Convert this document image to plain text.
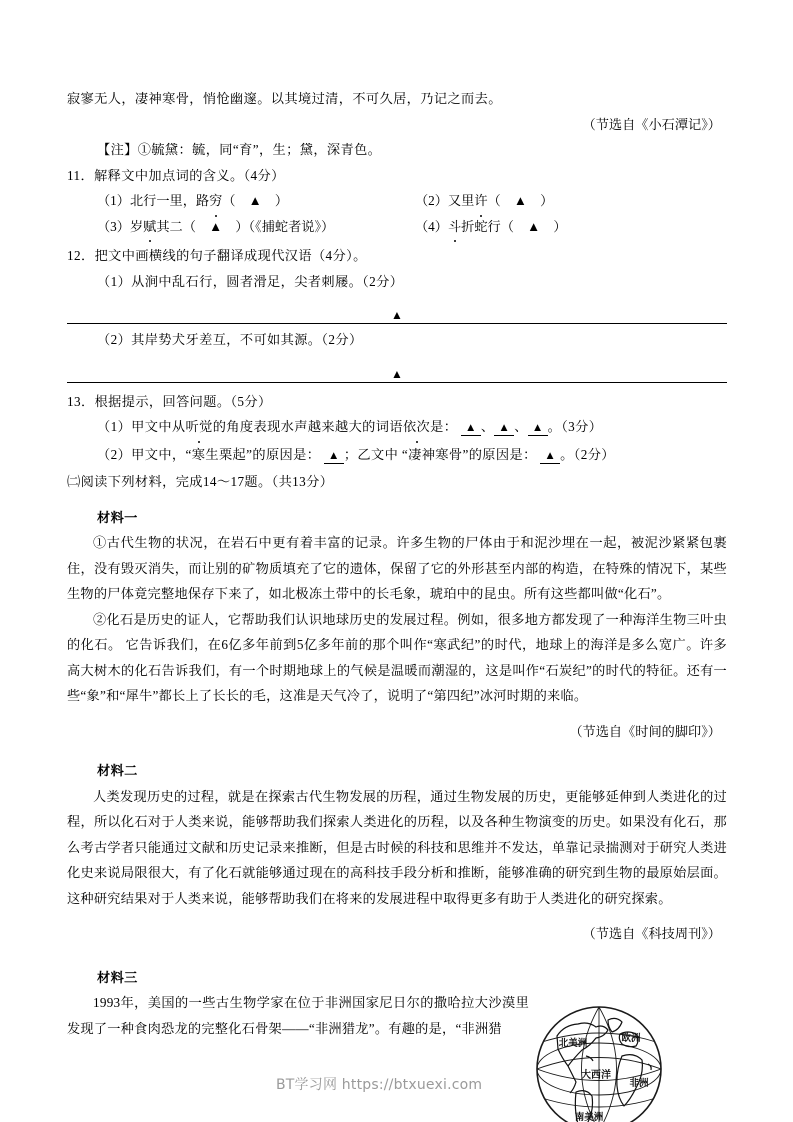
寂寥无人，凄神寒骨，悄怆幽邃。以其境过清，不可久居，乃记之而去。
（节选自《小石潭记》）
【注】①毓黛：毓，同“育”，生；黛，深青色。
11．解释文中加点词的含义。（4分）
（1）北行一里，路穷（　▲　）	（2）又里许（　▲　）
（3）岁赋其二（　▲　）（《捕蛇者说》）	（4）斗折蛇行（　▲　）
12．把文中画横线的句子翻译成现代汉语（4分）。
（1）从涧中乱石行，圆者滑足，尖者刺屦。（2分）
▲
（2）其岸势犬牙差互，不可如其源。（2分）
▲
13．根据提示，回答问题。（5分）
（1）甲文中从听觉的角度表现水声越来越大的词语依次是： ▲ 、 ▲ 、 ▲ 。（3分）
（2）甲文中，“寒生栗起”的原因是： ▲ ；乙文中 “凄神寒骨”的原因是： ▲ 。（2分）
㈡阅读下列材料，完成14～17题。（共13分）
材料一
①古代生物的状况，在岩石中更有着丰富的记录。许多生物的尸体由于和泥沙埋在一起，被泥沙紧紧包裹住，没有毁灭消失，而让别的矿物质填充了它的遗体，保留了它的外形甚至内部的构造，在特殊的情况下，某些生物的尸体竟完整地保存下来了，如北极冻土带中的长毛象，琥珀中的昆虫。所有这些都叫做“化石”。
②化石是历史的证人，它帮助我们认识地球历史的发展过程。例如，很多地方都发现了一种海洋生物三叶虫的化石。 它告诉我们，在6亿多年前到5亿多年前的那个叫作“寒武纪”的时代，地球上的海洋是多么宽广。许多高大树木的化石告诉我们，有一个时期地球上的气候是温暖而潮湿的，这是叫作“石炭纪”的时代的特征。还有一些“象”和“犀牛”都长上了长长的毛，这准是天气冷了，说明了“第四纪”冰河时期的来临。
（节选自《时间的脚印》）
材料二
人类发现历史的过程，就是在探索古代生物发展的历程，通过生物发展的历史，更能够延伸到人类进化的过程，所以化石对于人类来说，能够帮助我们探索人类进化的历程，以及各种生物演变的历史。如果没有化石，那么考古学者只能通过文献和历史记录来推断，但是古时候的科技和思维并不发达，单靠记录揣测对于研究人类进化史来说局限很大，有了化石就能够通过现在的高科技手段分析和推断，能够准确的研究到生物的最原始层面。这种研究结果对于人类来说，能够帮助我们在将来的发展进程中取得更多有助于人类进化的研究探索。
（节选自《科技周刊》）
材料三
北美洲	欧洲
大西洋
非洲
南美洲
1993年，美国的一些古生物学家在位于非洲国家尼日尔的撒哈拉大沙漠里发现了一种食肉恐龙的完整化石骨架——“非洲猎龙”。有趣的是，“非洲猎
BT学习网 https://btxuexi.com
